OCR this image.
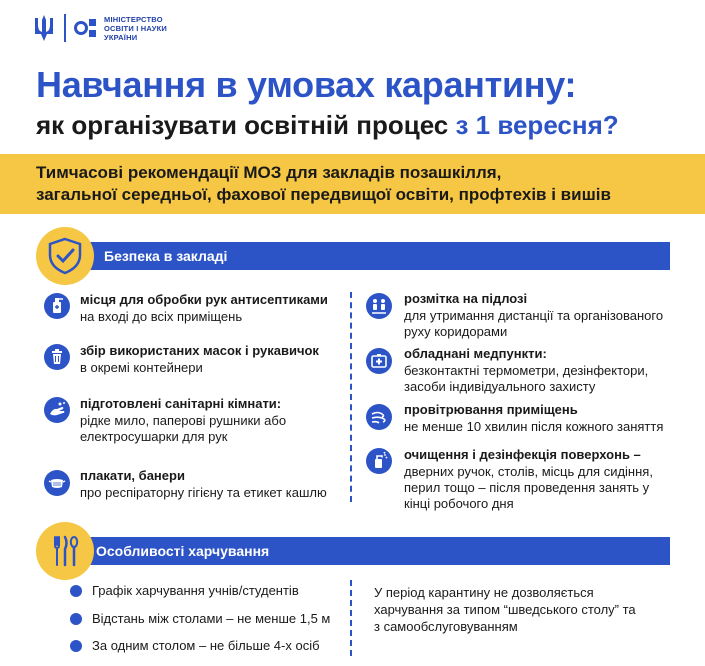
МІНІСТЕРСТВО
ОСВІТИ І НАУКИ
УКРАЇНИ
Навчання в умовах карантину:
як організувати освітній процес з 1 вересня?
Тимчасові рекомендації МОЗ для закладів позашкілля,
загальної середньої, фахової передвищої освіти, профтехів і вишів
Безпека в закладі
місця для обробки рук антисептиками
на вході до всіх приміщень
збір використаних масок і рукавичок
в окремі контейнери
підготовлені санітарні кімнати:
рідке мило, паперові рушники або
електросушарки для рук
плакати, банери
про респіраторну гігієну та етикет кашлю
розмітка на підлозі
для утримання дистанції та організованого
руху коридорами
обладнані медпункти:
безконтактні термометри, дезінфектори,
засоби індивідуального захисту
провітрювання приміщень
не менше 10 хвилин після кожного заняття
очищення і дезінфекція поверхонь –
дверних ручок, столів, місць для сидіння,
перил тощо – після проведення занять у
кінці робочого дня
Особливості харчування
Графік харчування учнів/студентів
Відстань між столами – не менше 1,5 м
За одним столом – не більше 4-х осіб
У період карантину не дозволяється
харчування за типом “шведського столу” та
з самообслуговуванням
